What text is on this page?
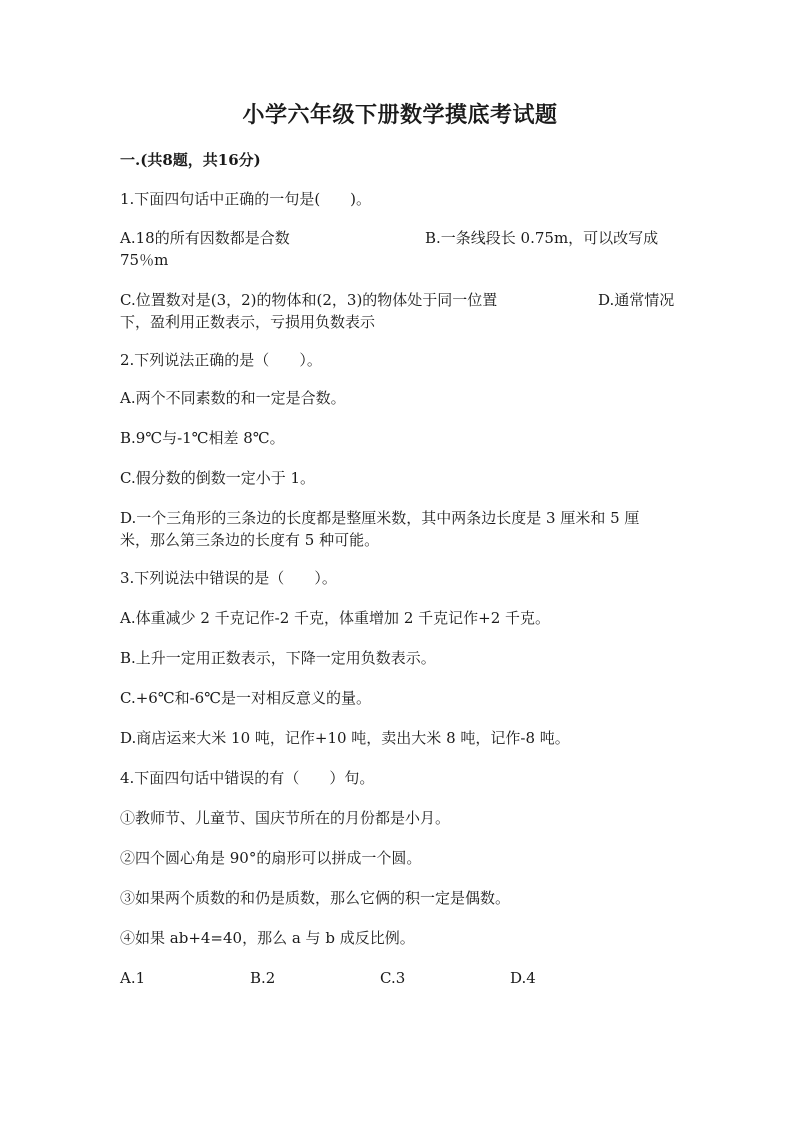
小学六年级下册数学摸底考试题
一.(共8题，共16分)
1.下面四句话中正确的一句是(　　)。
A.18的所有因数都是合数	B.一条线段长 0.75m，可以改写成
75％m
C.位置数对是(3，2)的物体和(2，3)的物体处于同一位置	D.通常情况
下，盈利用正数表示，亏损用负数表示
2.下列说法正确的是（　　）。
A.两个不同素数的和一定是合数。
B.9℃与-1℃相差 8℃。
C.假分数的倒数一定小于 1。
D.一个三角形的三条边的长度都是整厘米数，其中两条边长度是 3 厘米和 5 厘
米，那么第三条边的长度有 5 种可能。
3.下列说法中错误的是（　　）。
A.体重减少 2 千克记作-2 千克，体重增加 2 千克记作+2 千克。
B.上升一定用正数表示，下降一定用负数表示。
C.+6℃和-6℃是一对相反意义的量。
D.商店运来大米 10 吨，记作+10 吨，卖出大米 8 吨，记作-8 吨。
4.下面四句话中错误的有（　　）句。
①教师节、儿童节、国庆节所在的月份都是小月。
②四个圆心角是 90°的扇形可以拼成一个圆。
③如果两个质数的和仍是质数，那么它俩的积一定是偶数。
④如果 ab+4=40，那么 a 与 b 成反比例。
A.1	B.2	C.3	D.4
